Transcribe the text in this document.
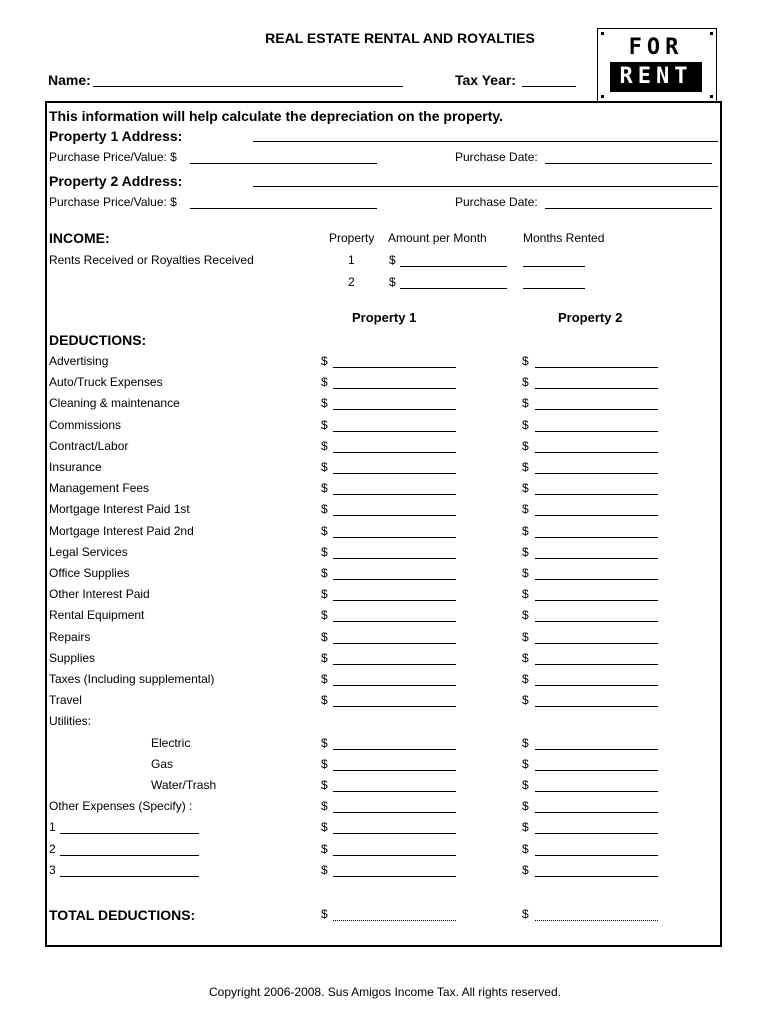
REAL ESTATE RENTAL AND ROYALTIES
Name:	Tax Year:
FOR
RENT
This information will help calculate the depreciation on the property.
Property 1 Address:
Purchase Price/Value: $	Purchase Date:
Property 2 Address:
Purchase Price/Value: $	Purchase Date:
INCOME:	Property Amount per Month	Months Rented
Rents Received or Royalties Received	1	$
2	$
Property 1	Property 2
DEDUCTIONS:
Advertising	$	$
Auto/Truck Expenses	$	$
Cleaning & maintenance	$	$
Commissions	$	$
Contract/Labor	$	$
Insurance	$	$
Management Fees	$	$
Mortgage Interest Paid 1st	$	$
Mortgage Interest Paid 2nd	$	$
Legal Services	$	$
Office Supplies	$	$
Other Interest Paid	$	$
Rental Equipment	$	$
Repairs	$	$
Supplies	$	$
Taxes (Including supplemental)	$	$
Travel	$	$
Utilities:
Electric	$	$
Gas	$	$
Water/Trash	$	$
Other Expenses (Specify) :	$	$
1	$	$
2	$	$
3	$	$
TOTAL DEDUCTIONS:	$	$
Copyright 2006-2008. Sus Amigos Income Tax. All rights reserved.
